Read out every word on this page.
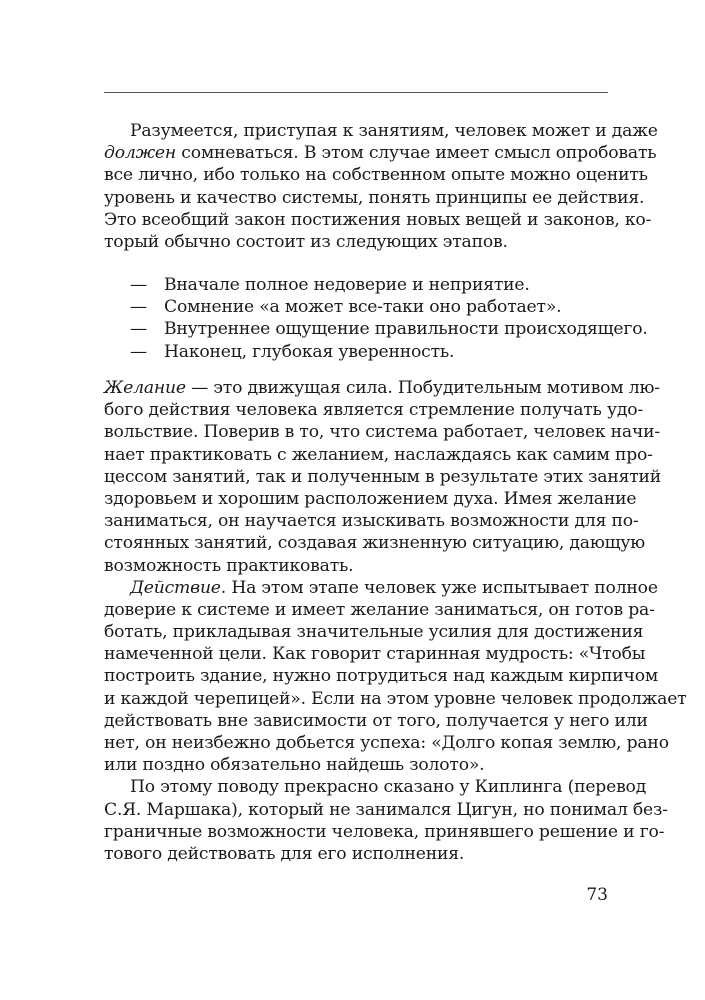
Разумеется, приступая к занятиям, человек может и даже
должен сомневаться. В этом случае имеет смысл опробовать
все лично, ибо только на собственном опыте можно оценить
уровень и качество системы, понять принципы ее действия.
Это всеобщий закон постижения новых вещей и законов, ко-
торый обычно состоит из следующих этапов.
— Вначале полное недоверие и неприятие.
— Сомнение «а может все-таки оно работает».
— Внутреннее ощущение правильности происходящего.
— Наконец, глубокая уверенность.
Желание — это движущая сила. Побудительным мотивом лю-
бого действия человека является стремление получать удо-
вольствие. Поверив в то, что система работает, человек начи-
нает практиковать с желанием, наслаждаясь как самим про-
цессом занятий, так и полученным в результате этих занятий
здоровьем и хорошим расположением духа. Имея желание
заниматься, он научается изыскивать возможности для по-
стоянных занятий, создавая жизненную ситуацию, дающую
возможность практиковать.
Действие. На этом этапе человек уже испытывает полное
доверие к системе и имеет желание заниматься, он готов ра-
ботать, прикладывая значительные усилия для достижения
намеченной цели. Как говорит старинная мудрость: «Чтобы
построить здание, нужно потрудиться над каждым кирпичом
и каждой черепицей». Если на этом уровне человек продолжает
действовать вне зависимости от того, получается у него или
нет, он неизбежно добьется успеха: «Долго копая землю, рано
или поздно обязательно найдешь золото».
По этому поводу прекрасно сказано у Киплинга (перевод
С.Я. Маршака), который не занимался Цигун, но понимал без-
граничные возможности человека, принявшего решение и го-
тового действовать для его исполнения.
73
